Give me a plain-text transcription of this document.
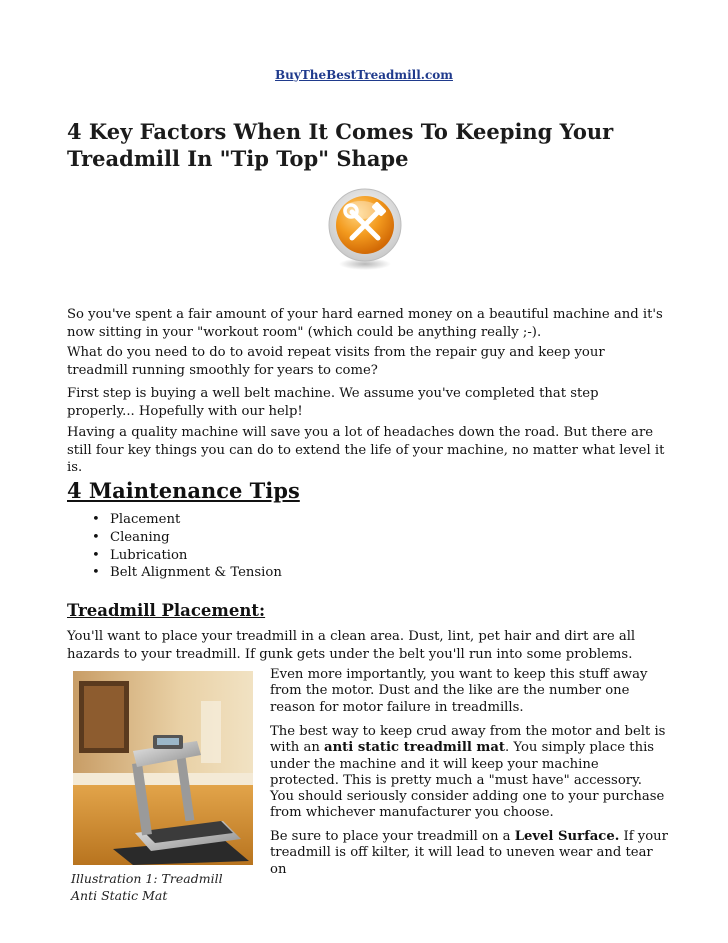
BuyTheBestTreadmill.com
4 Key Factors When It Comes To Keeping Your Treadmill In "Tip Top" Shape

So you've spent a fair amount of your hard earned money on a beautiful machine and it's now sitting in your "workout room" (which could be anything really ;-).

What do you need to do to avoid repeat visits from the repair guy and keep your treadmill running smoothly for years to come?

First step is buying a well belt machine. We assume you've completed that step properly... Hopefully with our help!

Having a quality machine will save you a lot of headaches down the road. But there are still four key things you can do to extend the life of your machine, no matter what level it is.

4 Maintenance Tips
• Placement
• Cleaning
• Lubrication
• Belt Alignment & Tension
Treadmill Placement:

You'll want to place your treadmill in a clean area. Dust, lint, pet hair and dirt are all hazards to your treadmill. If gunk gets under the belt you'll run into some problems.

Even more importantly, you want to keep this stuff away from the motor. Dust and the like are the number one reason for motor failure in treadmills.

The best way to keep crud away from the motor and belt is with an anti static treadmill mat. You simply place this under the machine and it will keep your machine protected. This is pretty much a "must have" accessory. You should seriously consider adding one to your purchase from whichever manufacturer you choose.

Be sure to place your treadmill on a Level Surface. If your treadmill is off kilter, it will lead to uneven wear and tear on

Illustration 1: Treadmill Anti Static Mat
